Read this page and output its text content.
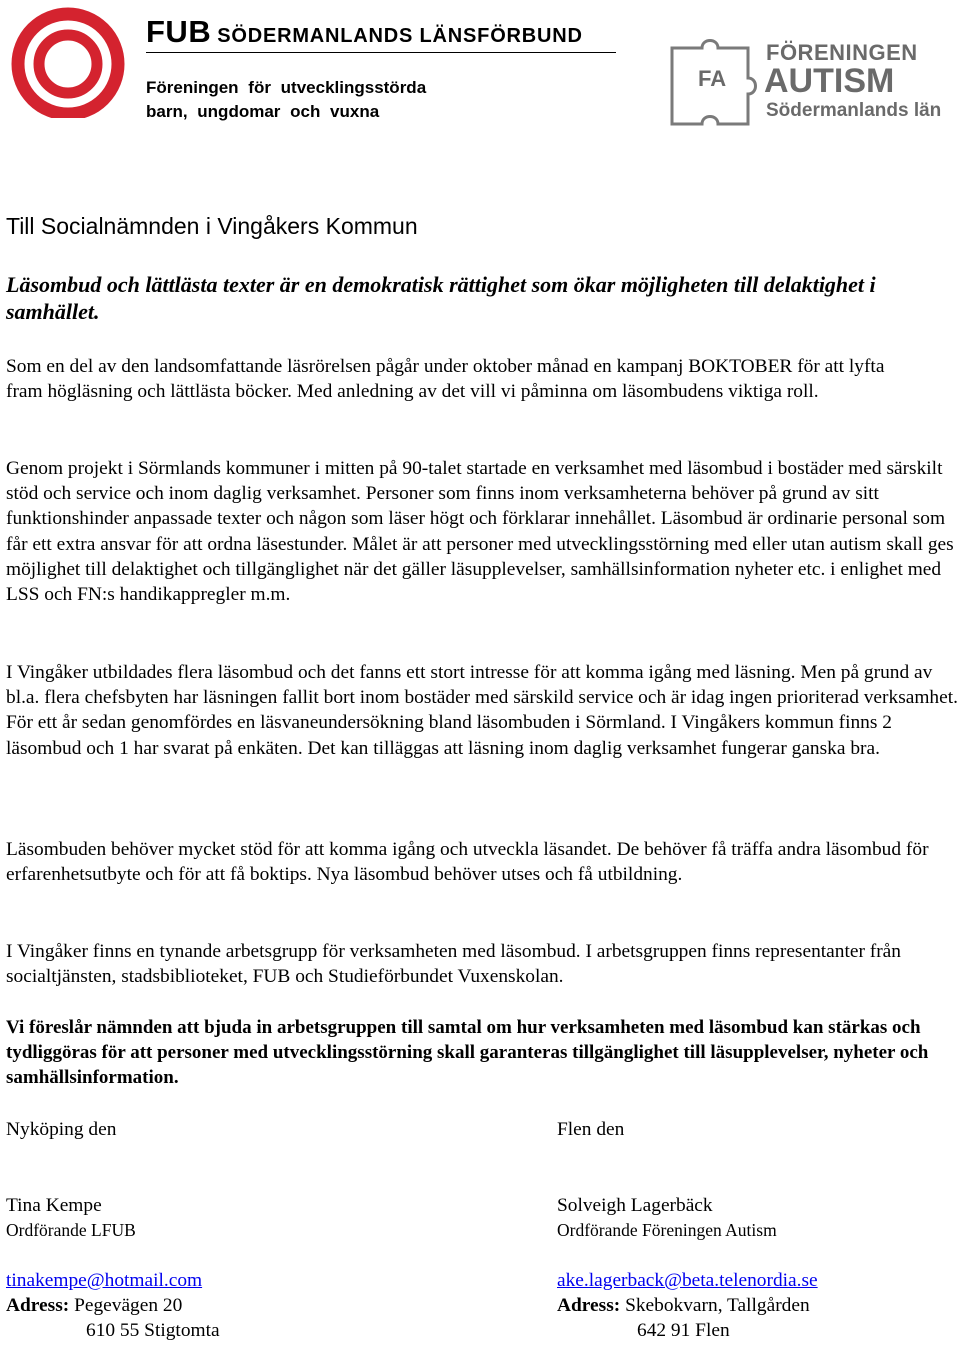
FUB SÖDERMANLANDS LÄNSFÖRBUND
Föreningen för utvecklingsstörda
barn, ungdomar och vuxna
FA
FÖRENINGEN
AUTISM
Södermanlands län
Till Socialnämnden i Vingåkers Kommun
Läsombud och lättlästa texter är en demokratisk rättighet som ökar möjligheten till delaktighet i samhället.
Som en del av den landsomfattande läsrörelsen pågår under oktober månad en kampanj BOKTOBER för att lyfta fram högläsning och lättlästa böcker. Med anledning av det vill vi påminna om läsombudens viktiga roll.
Genom projekt i Sörmlands kommuner i mitten på 90-talet startade en verksamhet med läsombud i bostäder med särskilt stöd och service och inom daglig verksamhet. Personer som finns inom verksamheterna behöver på grund av sitt funktionshinder anpassade texter och någon som läser högt och förklarar innehållet. Läsombud är ordinarie personal som får ett extra ansvar för att ordna läsestunder. Målet är att personer med utvecklingsstörning med eller utan autism skall ges möjlighet till delaktighet och tillgänglighet när det gäller läsupplevelser, samhällsinformation nyheter etc. i enlighet med LSS och FN:s handikappregler m.m.
I Vingåker utbildades flera läsombud och det fanns ett stort intresse för att komma igång med läsning. Men på grund av bl.a. flera chefsbyten har läsningen fallit bort inom bostäder med särskild service och är idag ingen prioriterad verksamhet. För ett år sedan genomfördes en läsvaneundersökning bland läsombuden i Sörmland. I Vingåkers kommun finns 2 läsombud och 1 har svarat på enkäten. Det kan tilläggas att läsning inom daglig verksamhet fungerar ganska bra.
Läsombuden behöver mycket stöd för att komma igång och utveckla läsandet. De behöver få träffa andra läsombud för erfarenhetsutbyte och för att få boktips. Nya läsombud behöver utses och få utbildning.
I Vingåker finns en tynande arbetsgrupp för verksamheten med läsombud. I arbetsgruppen finns representanter från socialtjänsten, stadsbiblioteket, FUB och Studieförbundet Vuxenskolan.
Vi föreslår nämnden att bjuda in arbetsgruppen till samtal om hur verksamheten med läsombud kan stärkas och tydliggöras för att personer med utvecklingsstörning skall garanteras tillgänglighet till läsupplevelser, nyheter och samhällsinformation.
Nyköping den
Tina Kempe
Ordförande LFUB
tinakempe@hotmail.com
Adress: Pegevägen 20
610 55 Stigtomta
Flen den
Solveigh Lagerbäck
Ordförande Föreningen Autism
ake.lagerback@beta.telenordia.se
Adress: Skebokvarn, Tallgården
642 91 Flen
